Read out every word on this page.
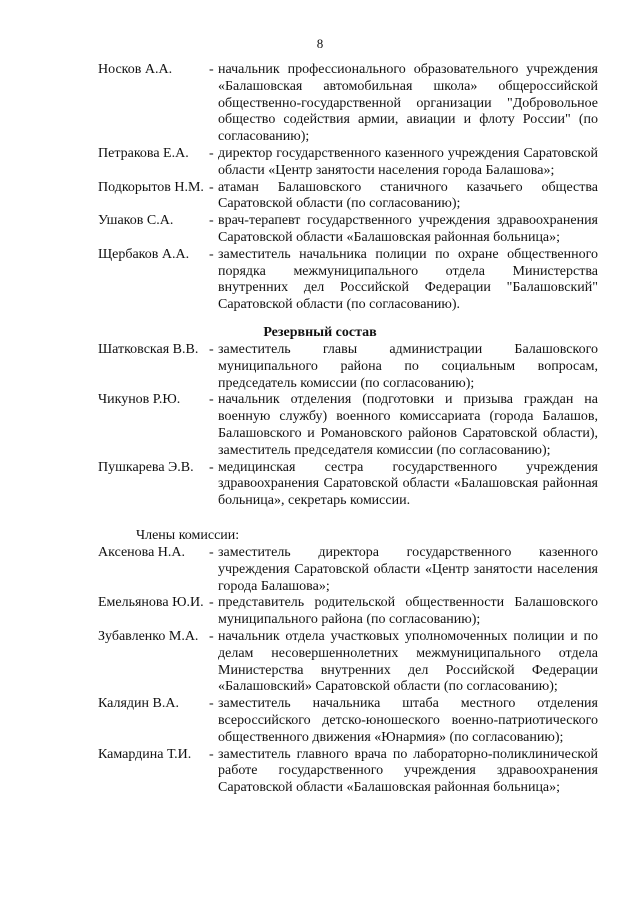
8
Носков А.А.	- начальник профессионального образовательного учреждения «Балашовская автомобильная школа» общероссийской общественно-государственной организации "Добровольное общество содействия армии, авиации и флоту России" (по согласованию);
Петракова Е.А.	- директор государственного казенного учреждения Саратовской области «Центр занятости населения города Балашова»;
Подкорытов Н.М. - атаман Балашовского станичного казачьего общества Саратовской области (по согласованию);
Ушаков С.А.	- врач-терапевт государственного учреждения здравоохранения Саратовской области «Балашовская районная больница»;
Щербаков А.А.	- заместитель начальника полиции по охране общественного порядка межмуниципального отдела Министерства внутренних дел Российской Федерации "Балашовский" Саратовской области (по согласованию).
Резервный состав
Шатковская В.В. - заместитель главы администрации Балашовского муниципального района по социальным вопросам, председатель комиссии (по согласованию);
Чикунов Р.Ю.	- начальник отделения (подготовки и призыва граждан на военную службу) военного комиссариата (города Балашов, Балашовского и Романовского районов Саратовской области), заместитель председателя комиссии (по согласованию);
Пушкарева Э.В.	- медицинская сестра государственного учреждения здравоохранения Саратовской области «Балашовская районная больница», секретарь комиссии.
Члены комиссии:
Аксенова Н.А.	- заместитель директора государственного казенного учреждения Саратовской области «Центр занятости населения города Балашова»;
Емельянова Ю.И. - представитель родительской общественности Балашовского муниципального района (по согласованию);
Зубавленко М.А. - начальник отдела участковых уполномоченных полиции и по делам несовершеннолетних межмуниципального отдела Министерства внутренних дел Российской Федерации «Балашовский» Саратовской области (по согласованию);
Калядин В.А.	- заместитель начальника штаба местного отделения всероссийского детско-юношеского военно-патриотического общественного движения «Юнармия» (по согласованию);
Камардина Т.И.	- заместитель главного врача по лабораторно-поликлинической работе государственного учреждения здравоохранения Саратовской области «Балашовская районная больница»;
